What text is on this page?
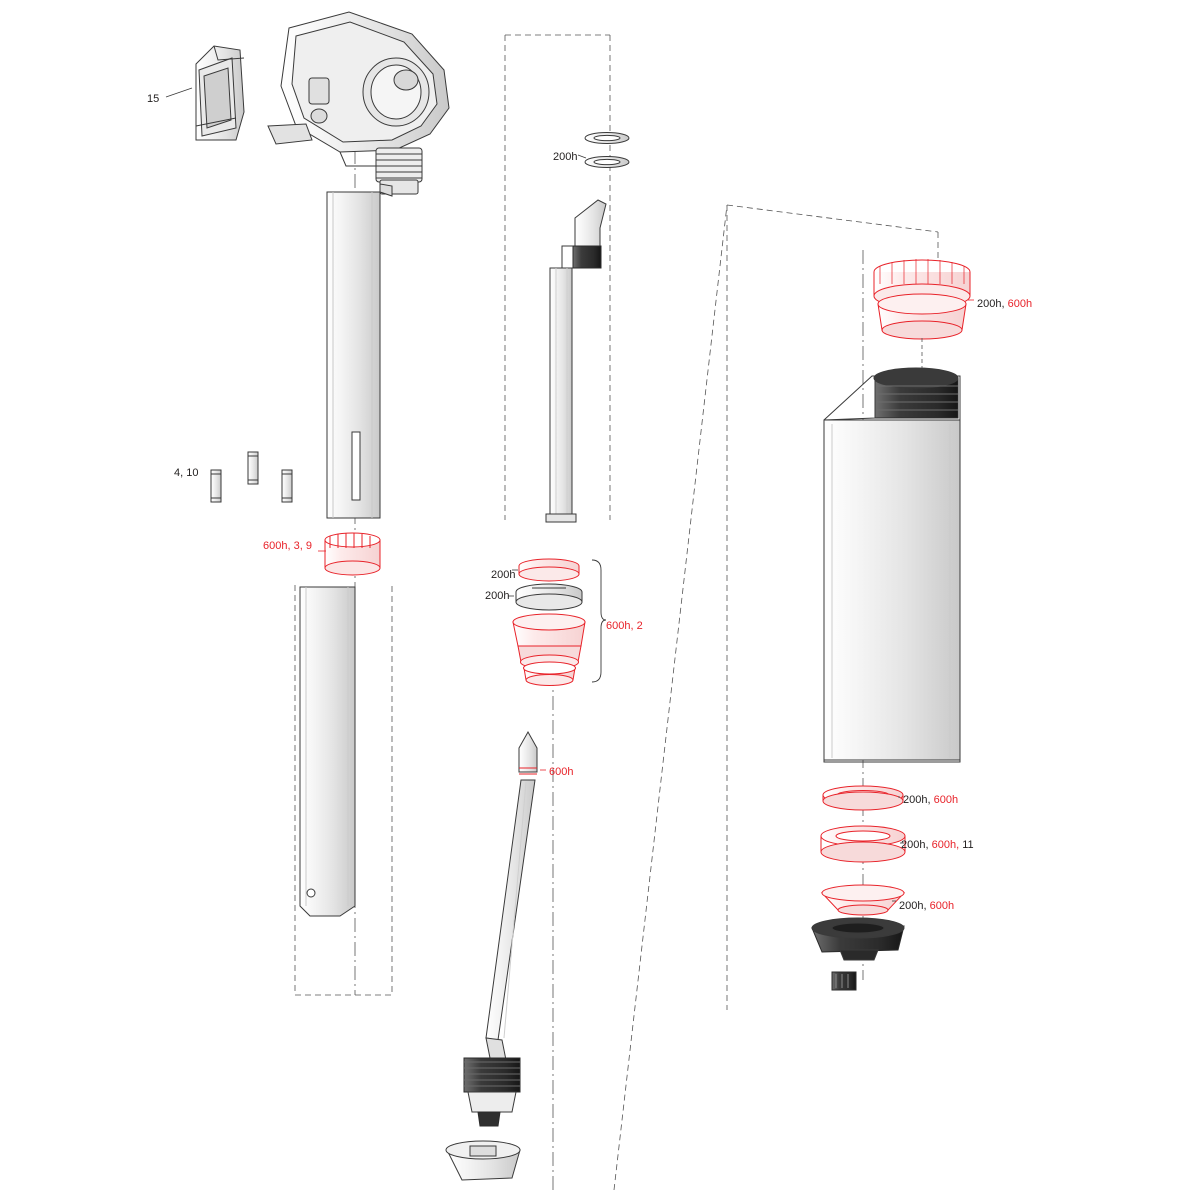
15
200h
4, 10
600h, 3, 9
200h
200h
600h, 2
600h
200h, 600h
200h, 600h
200h, 600h, 11
200h, 600h
